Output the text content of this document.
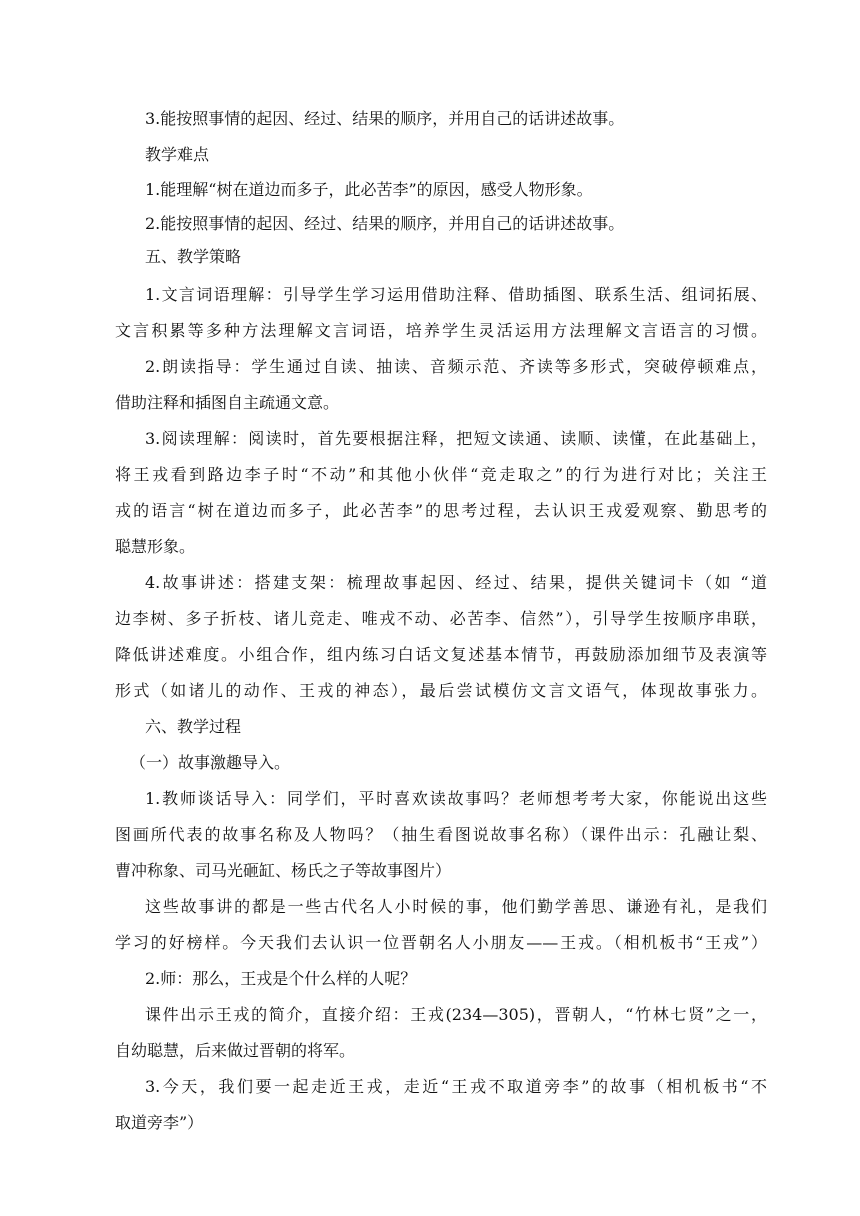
3.能按照事情的起因、经过、结果的顺序，并用自己的话讲述故事。
教学难点
1.能理解“树在道边而多子，此必苦李”的原因，感受人物形象。
2.能按照事情的起因、经过、结果的顺序，并用自己的话讲述故事。
五、教学策略
1.文言词语理解：引导学生学习运用借助注释、借助插图、联系生活、组词拓展、
文言积累等多种方法理解文言词语，培养学生灵活运用方法理解文言语言的习惯。
2.朗读指导：学生通过自读、抽读、音频示范、齐读等多形式，突破停顿难点，
借助注释和插图自主疏通文意。
3.阅读理解：阅读时，首先要根据注释，把短文读通、读顺、读懂，在此基础上，
将王戎看到路边李子时“不动”和其他小伙伴“竞走取之”的行为进行对比；关注王
戎的语言“树在道边而多子，此必苦李”的思考过程，去认识王戎爱观察、勤思考的
聪慧形象。
4.故事讲述：搭建支架：梳理故事起因、经过、结果，提供关键词卡（如 “道
边李树、多子折枝、诸儿竞走、唯戎不动、必苦李、信然”），引导学生按顺序串联，
降低讲述难度。小组合作，组内练习白话文复述基本情节，再鼓励添加细节及表演等
形式（如诸儿的动作、王戎的神态），最后尝试模仿文言文语气，体现故事张力。
六、教学过程
（一）故事激趣导入。
1.教师谈话导入：同学们，平时喜欢读故事吗？老师想考考大家，你能说出这些
图画所代表的故事名称及人物吗？（抽生看图说故事名称）（课件出示：孔融让梨、
曹冲称象、司马光砸缸、杨氏之子等故事图片）
这些故事讲的都是一些古代名人小时候的事，他们勤学善思、谦逊有礼，是我们
学习的好榜样。今天我们去认识一位晋朝名人小朋友——王戎。（相机板书“王戎”）
2.师：那么，王戎是个什么样的人呢？
课件出示王戎的简介，直接介绍：王戎(234—305)，晋朝人，“竹林七贤”之一，
自幼聪慧，后来做过晋朝的将军。
3.今天，我们要一起走近王戎，走近“王戎不取道旁李”的故事（相机板书“不
取道旁李”）
